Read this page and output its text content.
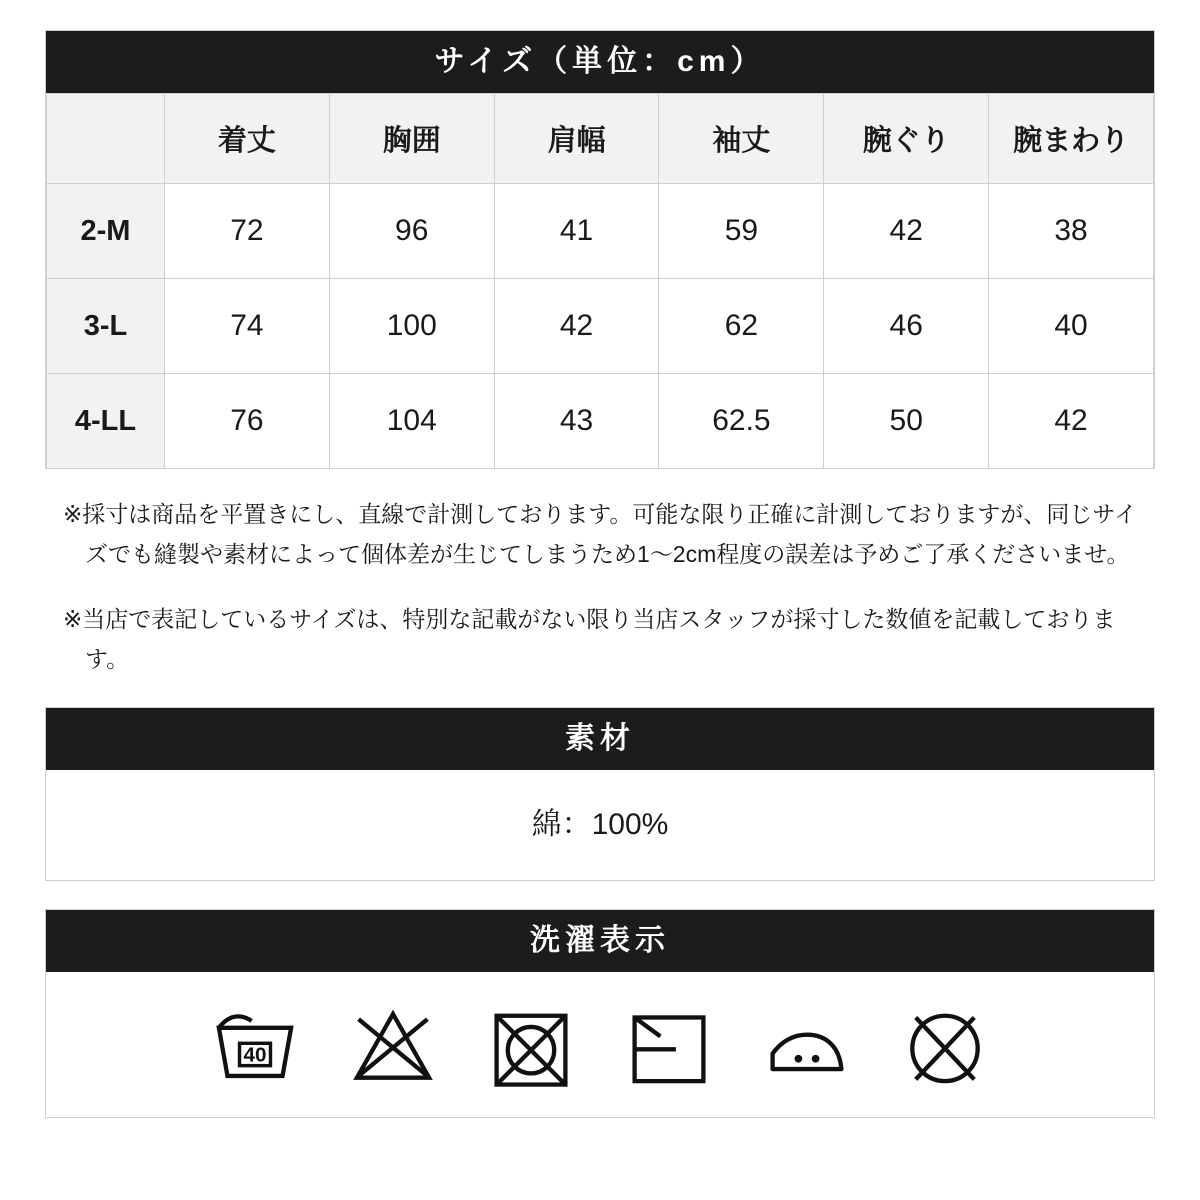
サイズ（単位：cm）
	着丈	胸囲	肩幅	袖丈	腕ぐり	腕まわり
2-M	72	96	41	59	42	38
3-L	74	100	42	62	46	40
4-LL	76	104	43	62.5	50	42

※採寸は商品を平置きにし、直線で計測しております。可能な限り正確に計測しておりますが、同じサイズでも縫製や素材によって個体差が生じてしまうため1〜2cm程度の誤差は予めご了承くださいませ。

※当店で表記しているサイズは、特別な記載がない限り当店スタッフが採寸した数値を記載しております。

素材
綿：100%
洗濯表示
40
